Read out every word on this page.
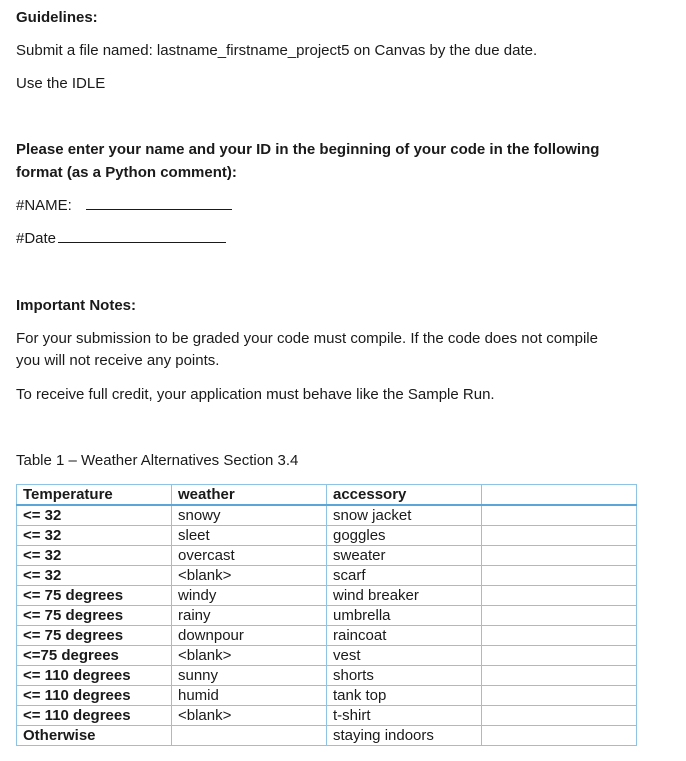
Guidelines:
Submit a file named: lastname_firstname_project5 on Canvas by the due date.
Use the IDLE
Please enter your name and your ID in the beginning of your code in the following
format (as a Python comment):
#NAME:
#Date
Important Notes:
For your submission to be graded your code must compile. If the code does not compile
you will not receive any points.
To receive full credit, your application must behave like the Sample Run.
Table 1 – Weather Alternatives Section 3.4
Temperature	weather	accessory	
<= 32	snowy	snow jacket	
<= 32	sleet	goggles	
<= 32	overcast	sweater	
<= 32	<blank>	scarf	
<= 75 degrees	windy	wind breaker	
<= 75 degrees	rainy	umbrella	
<= 75 degrees	downpour	raincoat	
<=75 degrees	<blank>	vest	
<= 110 degrees	sunny	shorts	
<= 110 degrees	humid	tank top	
<= 110 degrees	<blank>	t-shirt	
Otherwise		staying indoors	
